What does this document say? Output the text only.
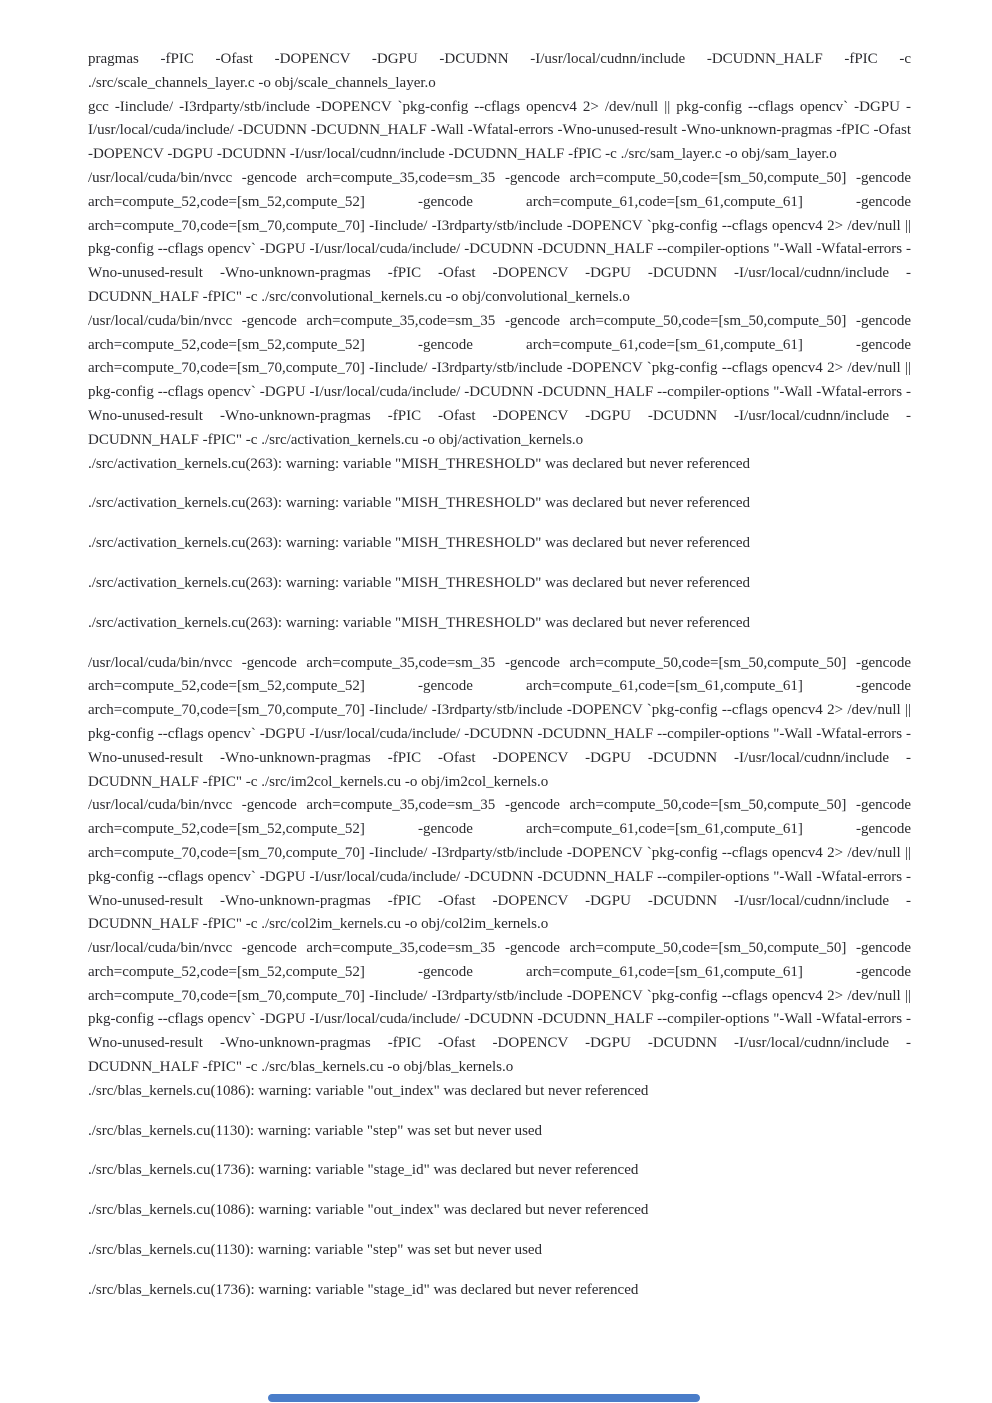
pragmas -fPIC -Ofast -DOPENCV -DGPU -DCUDNN -I/usr/local/cudnn/include -DCUDNN_HALF -fPIC -c ./src/scale_channels_layer.c -o obj/scale_channels_layer.o
gcc -Iinclude/ -I3rdparty/stb/include -DOPENCV `pkg-config --cflags opencv4 2> /dev/null || pkg-config --cflags opencv` -DGPU -I/usr/local/cuda/include/ -DCUDNN -DCUDNN_HALF -Wall -Wfatal-errors -Wno-unused-result -Wno-unknown-pragmas -fPIC -Ofast -DOPENCV -DGPU -DCUDNN -I/usr/local/cudnn/include -DCUDNN_HALF -fPIC -c ./src/sam_layer.c -o obj/sam_layer.o
/usr/local/cuda/bin/nvcc -gencode arch=compute_35,code=sm_35 -gencode arch=compute_50,code=[sm_50,compute_50] -gencode arch=compute_52,code=[sm_52,compute_52] -gencode arch=compute_61,code=[sm_61,compute_61] -gencode arch=compute_70,code=[sm_70,compute_70] -Iinclude/ -I3rdparty/stb/include -DOPENCV `pkg-config --cflags opencv4 2> /dev/null || pkg-config --cflags opencv` -DGPU -I/usr/local/cuda/include/ -DCUDNN -DCUDNN_HALF --compiler-options "-Wall -Wfatal-errors -Wno-unused-result -Wno-unknown-pragmas -fPIC -Ofast -DOPENCV -DGPU -DCUDNN -I/usr/local/cudnn/include -DCUDNN_HALF -fPIC" -c ./src/convolutional_kernels.cu -o obj/convolutional_kernels.o
/usr/local/cuda/bin/nvcc -gencode arch=compute_35,code=sm_35 -gencode arch=compute_50,code=[sm_50,compute_50] -gencode arch=compute_52,code=[sm_52,compute_52] -gencode arch=compute_61,code=[sm_61,compute_61] -gencode arch=compute_70,code=[sm_70,compute_70] -Iinclude/ -I3rdparty/stb/include -DOPENCV `pkg-config --cflags opencv4 2> /dev/null || pkg-config --cflags opencv` -DGPU -I/usr/local/cuda/include/ -DCUDNN -DCUDNN_HALF --compiler-options "-Wall -Wfatal-errors -Wno-unused-result -Wno-unknown-pragmas -fPIC -Ofast -DOPENCV -DGPU -DCUDNN -I/usr/local/cudnn/include -DCUDNN_HALF -fPIC" -c ./src/activation_kernels.cu -o obj/activation_kernels.o
./src/activation_kernels.cu(263): warning: variable "MISH_THRESHOLD" was declared but never referenced
./src/activation_kernels.cu(263): warning: variable "MISH_THRESHOLD" was declared but never referenced
./src/activation_kernels.cu(263): warning: variable "MISH_THRESHOLD" was declared but never referenced
./src/activation_kernels.cu(263): warning: variable "MISH_THRESHOLD" was declared but never referenced
./src/activation_kernels.cu(263): warning: variable "MISH_THRESHOLD" was declared but never referenced
/usr/local/cuda/bin/nvcc -gencode arch=compute_35,code=sm_35 -gencode arch=compute_50,code=[sm_50,compute_50] -gencode arch=compute_52,code=[sm_52,compute_52] -gencode arch=compute_61,code=[sm_61,compute_61] -gencode arch=compute_70,code=[sm_70,compute_70] -Iinclude/ -I3rdparty/stb/include -DOPENCV `pkg-config --cflags opencv4 2> /dev/null || pkg-config --cflags opencv` -DGPU -I/usr/local/cuda/include/ -DCUDNN -DCUDNN_HALF --compiler-options "-Wall -Wfatal-errors -Wno-unused-result -Wno-unknown-pragmas -fPIC -Ofast -DOPENCV -DGPU -DCUDNN -I/usr/local/cudnn/include -DCUDNN_HALF -fPIC" -c ./src/im2col_kernels.cu -o obj/im2col_kernels.o
/usr/local/cuda/bin/nvcc -gencode arch=compute_35,code=sm_35 -gencode arch=compute_50,code=[sm_50,compute_50] -gencode arch=compute_52,code=[sm_52,compute_52] -gencode arch=compute_61,code=[sm_61,compute_61] -gencode arch=compute_70,code=[sm_70,compute_70] -Iinclude/ -I3rdparty/stb/include -DOPENCV `pkg-config --cflags opencv4 2> /dev/null || pkg-config --cflags opencv` -DGPU -I/usr/local/cuda/include/ -DCUDNN -DCUDNN_HALF --compiler-options "-Wall -Wfatal-errors -Wno-unused-result -Wno-unknown-pragmas -fPIC -Ofast -DOPENCV -DGPU -DCUDNN -I/usr/local/cudnn/include -DCUDNN_HALF -fPIC" -c ./src/col2im_kernels.cu -o obj/col2im_kernels.o
/usr/local/cuda/bin/nvcc -gencode arch=compute_35,code=sm_35 -gencode arch=compute_50,code=[sm_50,compute_50] -gencode arch=compute_52,code=[sm_52,compute_52] -gencode arch=compute_61,code=[sm_61,compute_61] -gencode arch=compute_70,code=[sm_70,compute_70] -Iinclude/ -I3rdparty/stb/include -DOPENCV `pkg-config --cflags opencv4 2> /dev/null || pkg-config --cflags opencv` -DGPU -I/usr/local/cuda/include/ -DCUDNN -DCUDNN_HALF --compiler-options "-Wall -Wfatal-errors -Wno-unused-result -Wno-unknown-pragmas -fPIC -Ofast -DOPENCV -DGPU -DCUDNN -I/usr/local/cudnn/include -DCUDNN_HALF -fPIC" -c ./src/blas_kernels.cu -o obj/blas_kernels.o
./src/blas_kernels.cu(1086): warning: variable "out_index" was declared but never referenced
./src/blas_kernels.cu(1130): warning: variable "step" was set but never used
./src/blas_kernels.cu(1736): warning: variable "stage_id" was declared but never referenced
./src/blas_kernels.cu(1086): warning: variable "out_index" was declared but never referenced
./src/blas_kernels.cu(1130): warning: variable "step" was set but never used
./src/blas_kernels.cu(1736): warning: variable "stage_id" was declared but never referenced
